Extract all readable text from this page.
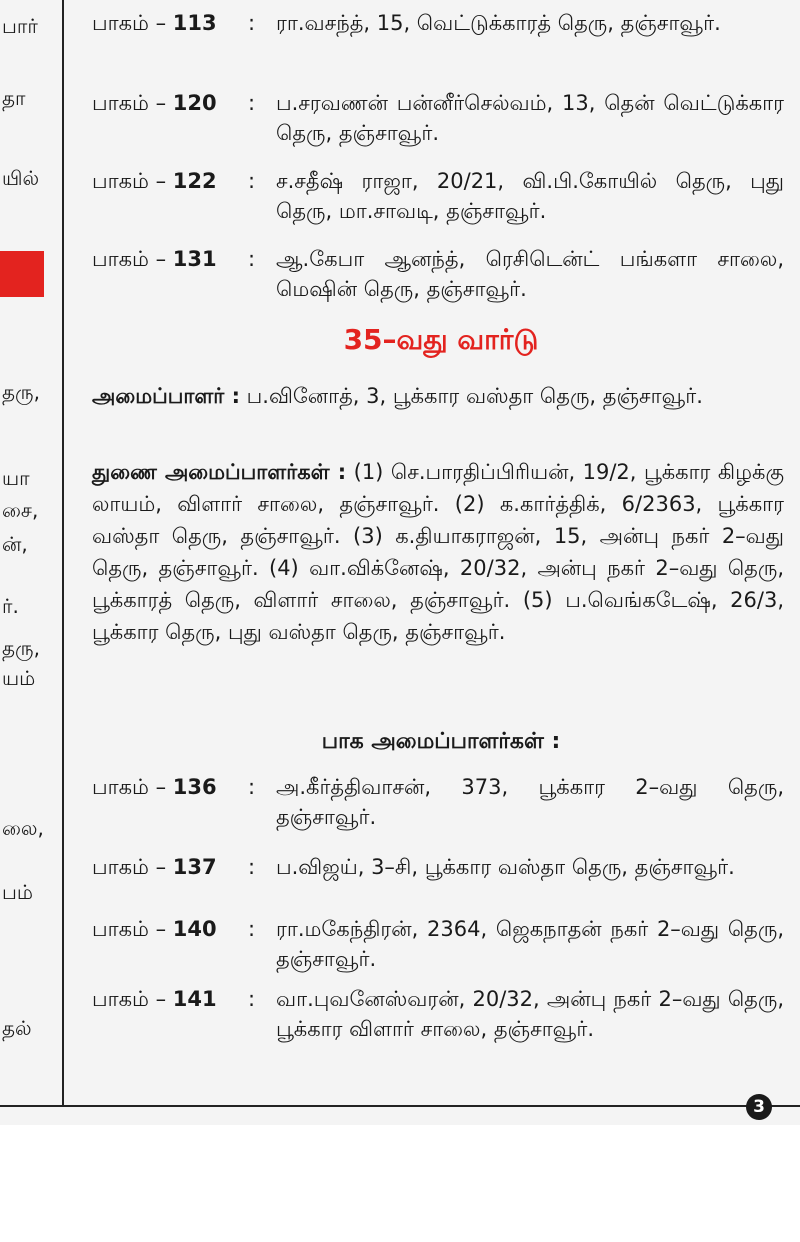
பார்
தா
யில்
தரு,
யா
சை,
ன்,
ர்.
தரு,
யம்
லை,
பம்
தல்
பாகம் – 113 : ரா.வசந்த், 15, வெட்டுக்காரத் தெரு, தஞ்சாவூர்.
பாகம் – 120 : ப.சரவணன் பன்னீர்செல்வம், 13, தென் வெட்டுக்கார தெரு, தஞ்சாவூர்.
பாகம் – 122 : ச.சதீஷ் ராஜா, 20/21, வி.பி.கோயில் தெரு, புது தெரு, மா.சாவடி, தஞ்சாவூர்.
பாகம் – 131 : ஆ.கேபா ஆனந்த், ரெசிடென்ட் பங்களா சாலை, மெஷின் தெரு, தஞ்சாவூர்.
35–வது வார்டு
அமைப்பாளர் : ப.வினோத், 3, பூக்கார வஸ்தா தெரு, தஞ்சாவூர்.
துணை அமைப்பாளர்கள் : (1) செ.பாரதிப்பிரியன், 19/2, பூக்கார கிழக்கு லாயம், விளார் சாலை, தஞ்சாவூர். (2) க.கார்த்திக், 6/2363, பூக்கார வஸ்தா தெரு, தஞ்சாவூர். (3) க.தியாகராஜன், 15, அன்பு நகர் 2–வது தெரு, தஞ்சாவூர். (4) வா.விக்னேஷ், 20/32, அன்பு நகர் 2–வது தெரு, பூக்காரத் தெரு, விளார் சாலை, தஞ்சாவூர். (5) ப.வெங்கடேஷ், 26/3, பூக்கார தெரு, புது வஸ்தா தெரு, தஞ்சாவூர்.
பாக அமைப்பாளர்கள் :
பாகம் – 136 : அ.கீர்த்திவாசன், 373, பூக்கார 2–வது தெரு, தஞ்சாவூர்.
பாகம் – 137 : ப.விஜய், 3–சி, பூக்கார வஸ்தா தெரு, தஞ்சாவூர்.
பாகம் – 140 : ரா.மகேந்திரன், 2364, ஜெகநாதன் நகர் 2–வது தெரு, தஞ்சாவூர்.
பாகம் – 141 : வா.புவனேஸ்வரன், 20/32, அன்பு நகர் 2–வது தெரு, பூக்கார விளார் சாலை, தஞ்சாவூர்.
3
